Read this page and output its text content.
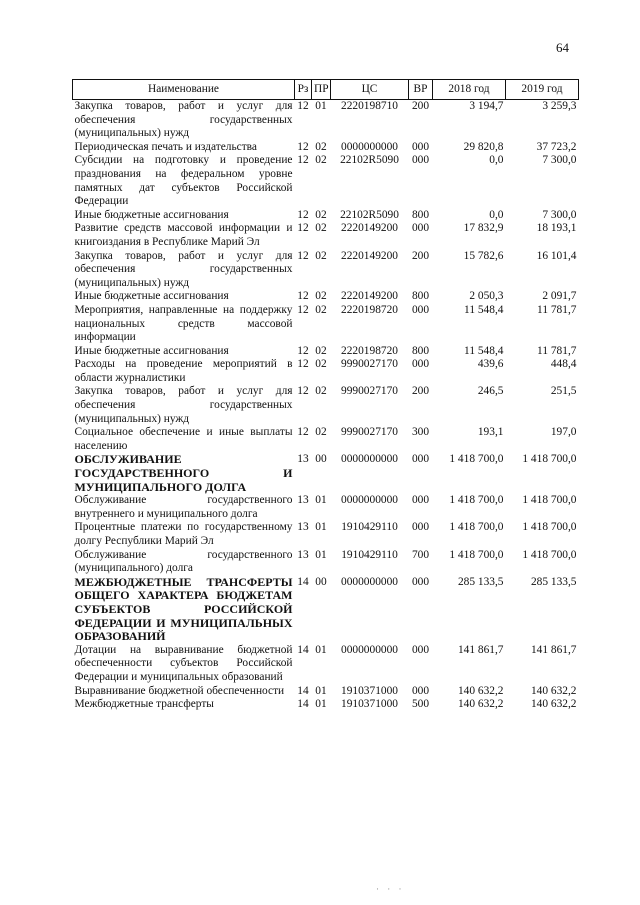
64
Наименование	Рз	ПР	ЦС	ВР	2018 год	2019 год
Закупка товаров, работ и услуг для обеспечения государственных (муниципальных) нужд	12	01	2220198710	200	3 194,7	3 259,3
Периодическая печать и издательства	12	02	0000000000	000	29 820,8	37 723,2
Субсидии на подготовку и проведение празднования на федеральном уровне памятных дат субъектов Российской Федерации	12	02	22102R5090	000	0,0	7 300,0
Иные бюджетные ассигнования	12	02	22102R5090	800	0,0	7 300,0
Развитие средств массовой информации и книгоиздания в Республике Марий Эл	12	02	2220149200	000	17 832,9	18 193,1
Закупка товаров, работ и услуг для обеспечения государственных (муниципальных) нужд	12	02	2220149200	200	15 782,6	16 101,4
Иные бюджетные ассигнования	12	02	2220149200	800	2 050,3	2 091,7
Мероприятия, направленные на поддержку национальных средств массовой информации	12	02	2220198720	000	11 548,4	11 781,7
Иные бюджетные ассигнования	12	02	2220198720	800	11 548,4	11 781,7
Расходы на проведение мероприятий в области журналистики	12	02	9990027170	000	439,6	448,4
Закупка товаров, работ и услуг для обеспечения государственных (муниципальных) нужд	12	02	9990027170	200	246,5	251,5
Социальное обеспечение и иные выплаты населению	12	02	9990027170	300	193,1	197,0
ОБСЛУЖИВАНИЕ ГОСУДАРСТВЕННОГО И МУНИЦИПАЛЬНОГО ДОЛГА	13	00	0000000000	000	1 418 700,0	1 418 700,0
Обслуживание государственного внутреннего и муниципального долга	13	01	0000000000	000	1 418 700,0	1 418 700,0
Процентные платежи по государственному долгу Республики Марий Эл	13	01	1910429110	000	1 418 700,0	1 418 700,0
Обслуживание государственного (муниципального) долга	13	01	1910429110	700	1 418 700,0	1 418 700,0
МЕЖБЮДЖЕТНЫЕ ТРАНСФЕРТЫ ОБЩЕГО ХАРАКТЕРА БЮДЖЕТАМ СУБЪЕКТОВ РОССИЙСКОЙ ФЕДЕРАЦИИ И МУНИЦИПАЛЬНЫХ ОБРАЗОВАНИЙ	14	00	0000000000	000	285 133,5	285 133,5
Дотации на выравнивание бюджетной обеспеченности субъектов Российской Федерации и муниципальных образований	14	01	0000000000	000	141 861,7	141 861,7
Выравнивание бюджетной обеспеченности	14	01	1910371000	000	140 632,2	140 632,2
Межбюджетные трансферты	14	01	1910371000	500	140 632,2	140 632,2
· · ·
